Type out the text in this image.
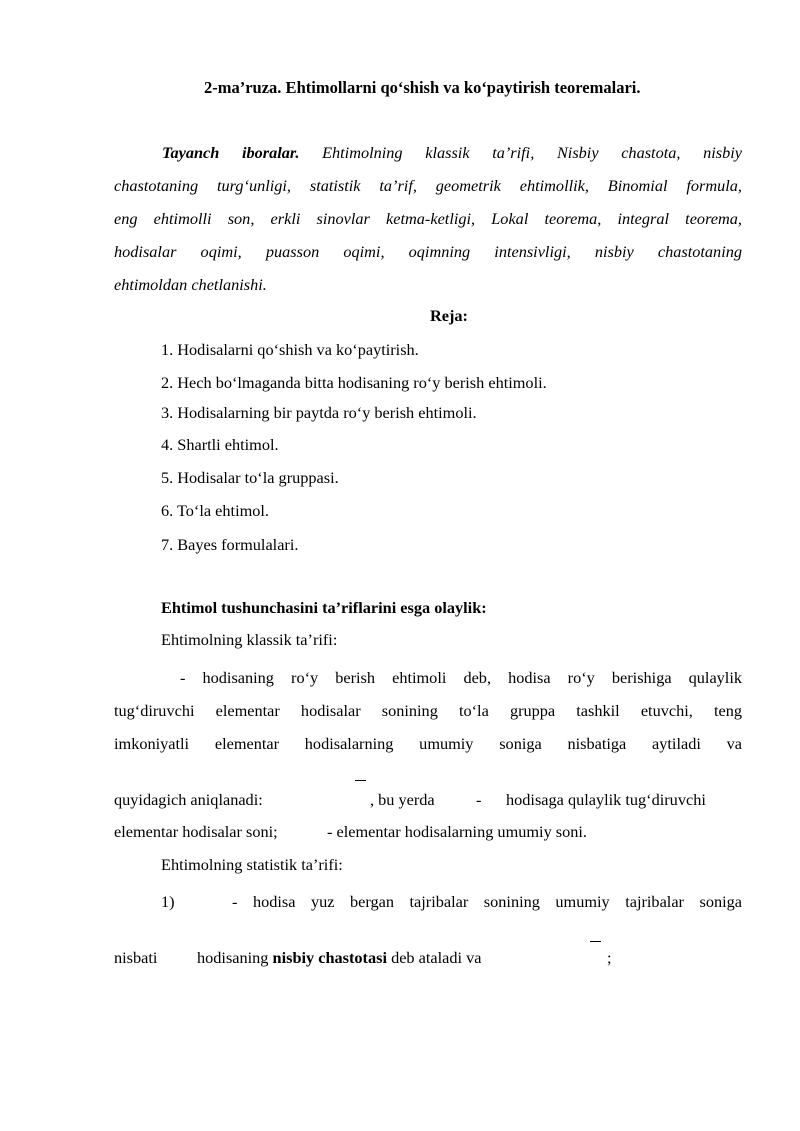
2-ma’ruza. Ehtimollarni qo‘shish va ko‘paytirish teoremalari.
Tayanch iboralar. Ehtimolning klassik ta’rifi, Nisbiy chastota, nisbiy
chastotaning turg‘unligi, statistik ta’rif, geometrik ehtimollik, Binomial formula,
eng ehtimolli son, erkli sinovlar ketma-ketligi, Lokal teorema, integral teorema,
hodisalar oqimi, puasson oqimi, oqimning intensivligi, nisbiy chastotaning
ehtimoldan chetlanishi.
Reja:
1. Hodisalarni qo‘shish va ko‘paytirish.
2. Hech bo‘lmaganda bitta hodisaning ro‘y berish ehtimoli.
3. Hodisalarning bir paytda ro‘y berish ehtimoli.
4. Shartli ehtimol.
5. Hodisalar to‘la gruppasi.
6. To‘la ehtimol.
7. Bayes formulalari.
Ehtimol tushunchasini ta’riflarini esga olaylik:
Ehtimolning klassik ta’rifi:
- hodisaning ro‘y berish ehtimoli deb, hodisa ro‘y berishiga qulaylik
tug‘diruvchi elementar hodisalar sonining to‘la gruppa tashkil etuvchi, teng
imkoniyatli elementar hodisalarning umumiy soniga nisbatiga aytiladi va
quyidagich aniqlanadi:	, bu yerda	- hodisaga qulaylik tug‘diruvchi
elementar hodisalar soni;	- elementar hodisalarning umumiy soni.
Ehtimolning statistik ta’rifi:
1)	- hodisa yuz bergan tajribalar sonining umumiy tajribalar soniga
nisbati hodisaning nisbiy chastotasi deb ataladi va	;
